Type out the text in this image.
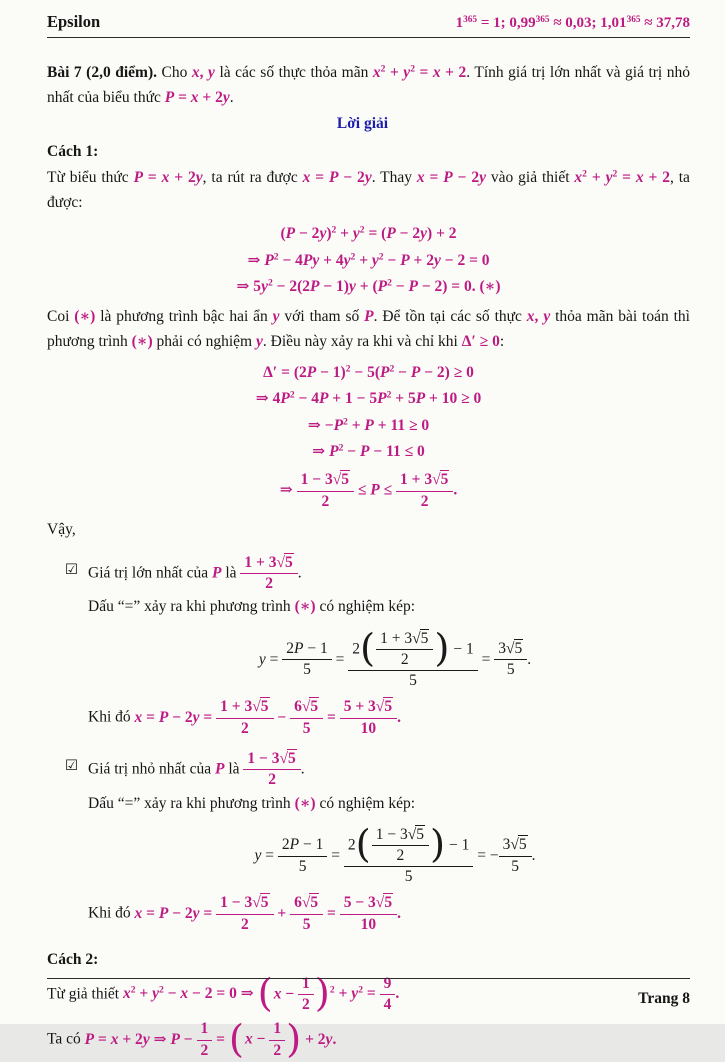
Epsilon	$1^{365} = 1$; $0,99^{365} \approx 0,03$; $1,01^{365} \approx 37,78$

Bài 7 (2,0 điểm). Cho x, y là các số thực thỏa mãn $x^2 + y^2 = x + 2$. Tính giá trị lớn nhất và giá trị nhỏ nhất của biểu thức P = x + 2y.

Lời giải
Cách 1:

Từ biểu thức P = x + 2y, ta rút ra được x = P − 2y. Thay x = P − 2y vào giả thiết $x^2 + y^2 = x + 2$, ta được:

$(P - 2y)^2 + y^2 = (P - 2y) + 2$
⇒ $P^2 - 4Py + 4y^2 + y^2 - P + 2y - 2 = 0$
⇒ $5y^2 - 2(2P - 1)y + (P^2 - P - 2) = 0$. (∗)

Coi (∗) là phương trình bậc hai ẩn y với tham số P. Để tồn tại các số thực x, y thỏa mãn bài toán thì phương trình (∗) phải có nghiệm y. Điều này xảy ra khi và chỉ khi Δ′ ≥ 0:

$\Delta' = (2P - 1)^2 - 5(P^2 - P - 2) \ge 0$
⇒ $4P^2 - 4P + 1 - 5P^2 + 5P + 10 \ge 0$
⇒ $-P^2 + P + 11 \ge 0$
⇒ $P^2 - P - 11 \le 0$
⇒ $\frac{1 - 3√5}{2} \le P \le \frac{1 + 3√5}{2}$ .

Vậy,

☑ Giá trị lớn nhất của P là $\frac{1 + 3√5}{2}$ .
Dấu “=” xảy ra khi phương trình (∗) có nghiệm kép:
$y = \frac{2P - 1}{5} = \frac{2 ( \frac{1 + 3√5}{2} ) - 1}{5} = \frac{3√5}{5}$ .
Khi đó $x = P - 2y = \frac{1 + 3√5}{2} - \frac{6√5}{5} = \frac{5 + 3√5}{10}$ .
☑ Giá trị nhỏ nhất của P là $\frac{1 - 3√5}{2}$ .
Dấu “=” xảy ra khi phương trình (∗) có nghiệm kép:
$y = \frac{2P - 1}{5} = \frac{2 ( \frac{1 - 3√5}{2} ) - 1}{5}$ = − $\frac{3√5}{5}$ .
Khi đó $x = P - 2y = \frac{1 - 3√5}{2} + \frac{6√5}{5} = \frac{5 - 3√5}{10}$ .
Cách 2:

Từ giả thiết $x^2 + y^2 - x - 2 = 0$ ⇒ ( $x - \frac{1}{2}$ ) $^2 + y^2 = \frac{9}{4}$ .

Ta có P = x + 2y ⇒ $P - \frac{1}{2}$ = ( $x - \frac{1}{2}$ ) + 2y.

Trang 8
